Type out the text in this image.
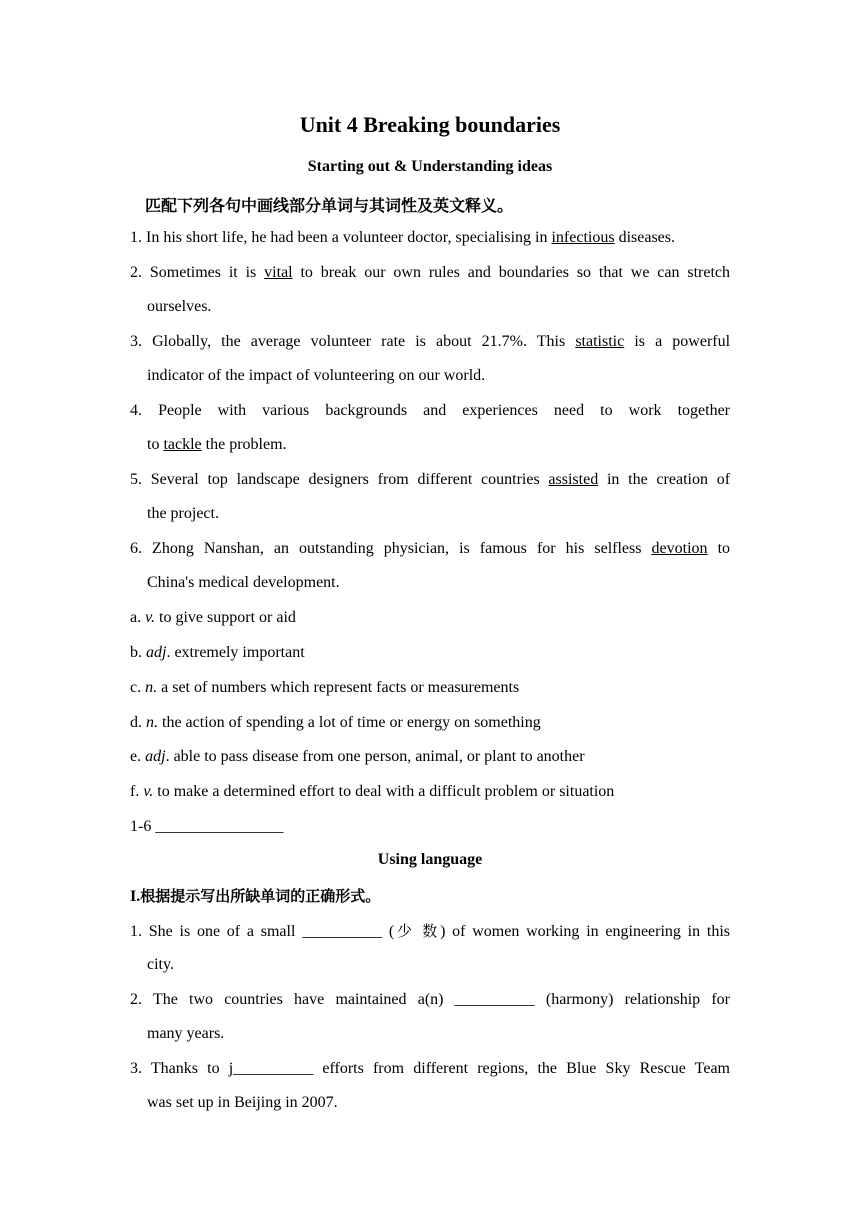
Unit 4 Breaking boundaries
Starting out & Understanding ideas
匹配下列各句中画线部分单词与其词性及英文释义。
1. In his short life, he had been a volunteer doctor, specialising in infectious diseases.
2. Sometimes it is vital to break our own rules and boundaries so that we can stretch
ourselves.
3. Globally, the average volunteer rate is about 21.7%. This statistic is a powerful
indicator of the impact of volunteering on our world.
4. People with various backgrounds and experiences need to work together
to tackle the problem.
5. Several top landscape designers from different countries assisted in the creation of
the project.
6. Zhong Nanshan, an outstanding physician, is famous for his selfless devotion to
China's medical development.
a. v. to give support or aid
b. adj. extremely important
c. n. a set of numbers which represent facts or measurements
d. n. the action of spending a lot of time or energy on something
e. adj. able to pass disease from one person, animal, or plant to another
f. v. to make a determined effort to deal with a difficult problem or situation
1-6 ________________
Using language
I.根据提示写出所缺单词的正确形式。
1. She is one of a small __________ (少 数) of women working in engineering in this
city.
2. The two countries have maintained a(n) __________ (harmony) relationship for
many years.
3. Thanks to j__________ efforts from different regions, the Blue Sky Rescue Team
was set up in Beijing in 2007.
